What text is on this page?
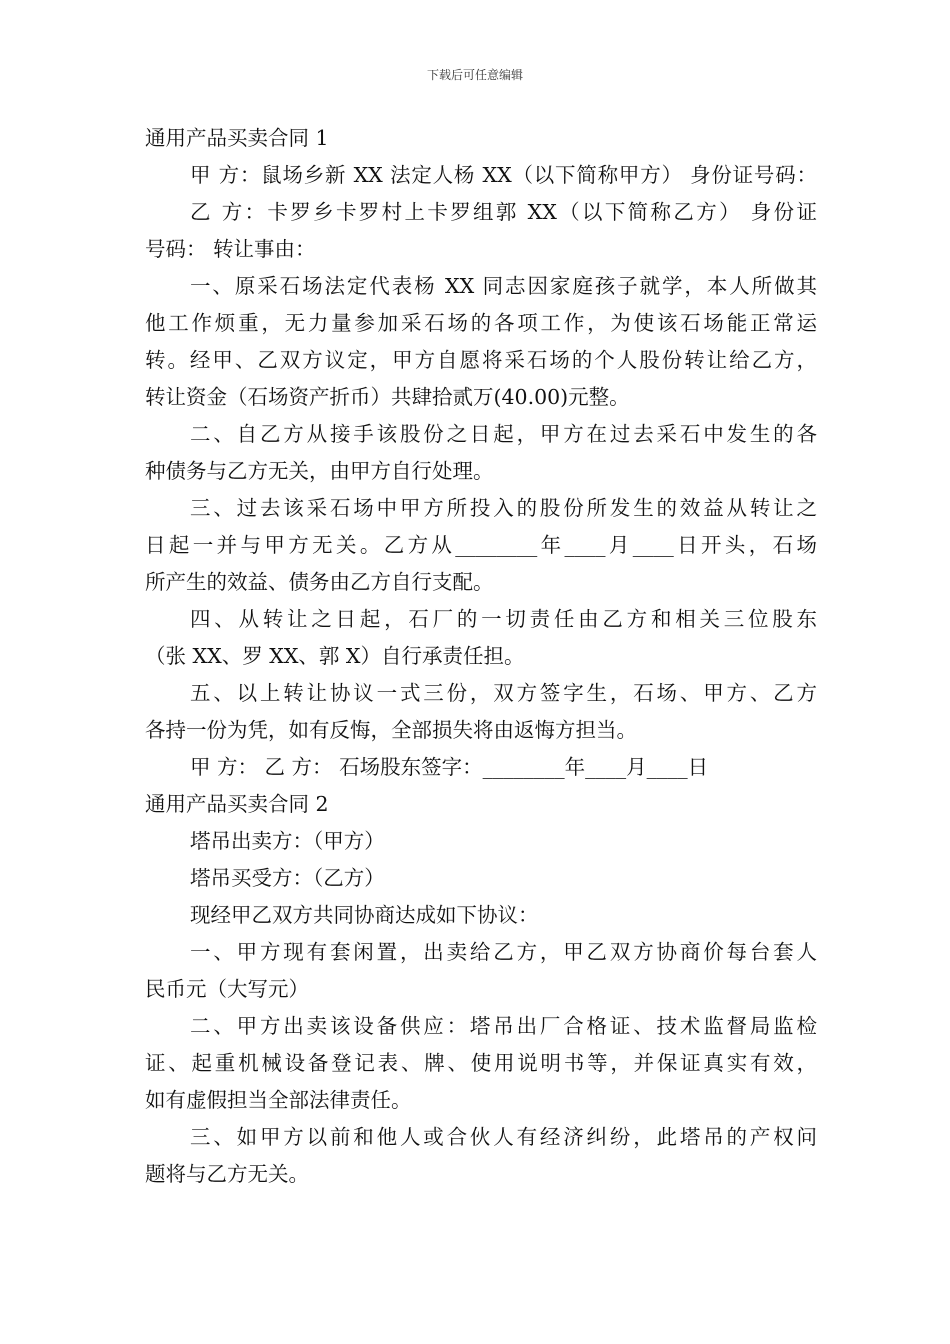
下载后可任意编辑
通用产品买卖合同 1
甲 方：鼠场乡新 XX 法定人杨 XX（以下简称甲方） 身份证号码：
乙 方：卡罗乡卡罗村上卡罗组郭 XX（以下简称乙方） 身份证
号码： 转让事由：
一、原采石场法定代表杨 XX 同志因家庭孩子就学，本人所做其
他工作烦重，无力量参加采石场的各项工作，为使该石场能正常运
转。经甲、乙双方议定，甲方自愿将采石场的个人股份转让给乙方，
转让资金（石场资产折币）共肆拾贰万(40.00)元整。
二、自乙方从接手该股份之日起，甲方在过去采石中发生的各
种债务与乙方无关，由甲方自行处理。
三、过去该采石场中甲方所投入的股份所发生的效益从转让之
日起一并与甲方无关。乙方从________年____月____日开头，石场
所产生的效益、债务由乙方自行支配。
四、从转让之日起，石厂的一切责任由乙方和相关三位股东
（张 XX、罗 XX、郭 X）自行承责任担。
五、以上转让协议一式三份，双方签字生，石场、甲方、乙方
各持一份为凭，如有反悔，全部损失将由返悔方担当。
甲 方： 乙 方： 石场股东签字：________年____月____日
通用产品买卖合同 2
塔吊出卖方：（甲方）
塔吊买受方：（乙方）
现经甲乙双方共同协商达成如下协议：
一、甲方现有套闲置，出卖给乙方，甲乙双方协商价每台套人
民币元（大写元）
二、甲方出卖该设备供应：塔吊出厂合格证、技术监督局监检
证、起重机械设备登记表、牌、使用说明书等，并保证真实有效，
如有虚假担当全部法律责任。
三、如甲方以前和他人或合伙人有经济纠纷，此塔吊的产权问
题将与乙方无关。
